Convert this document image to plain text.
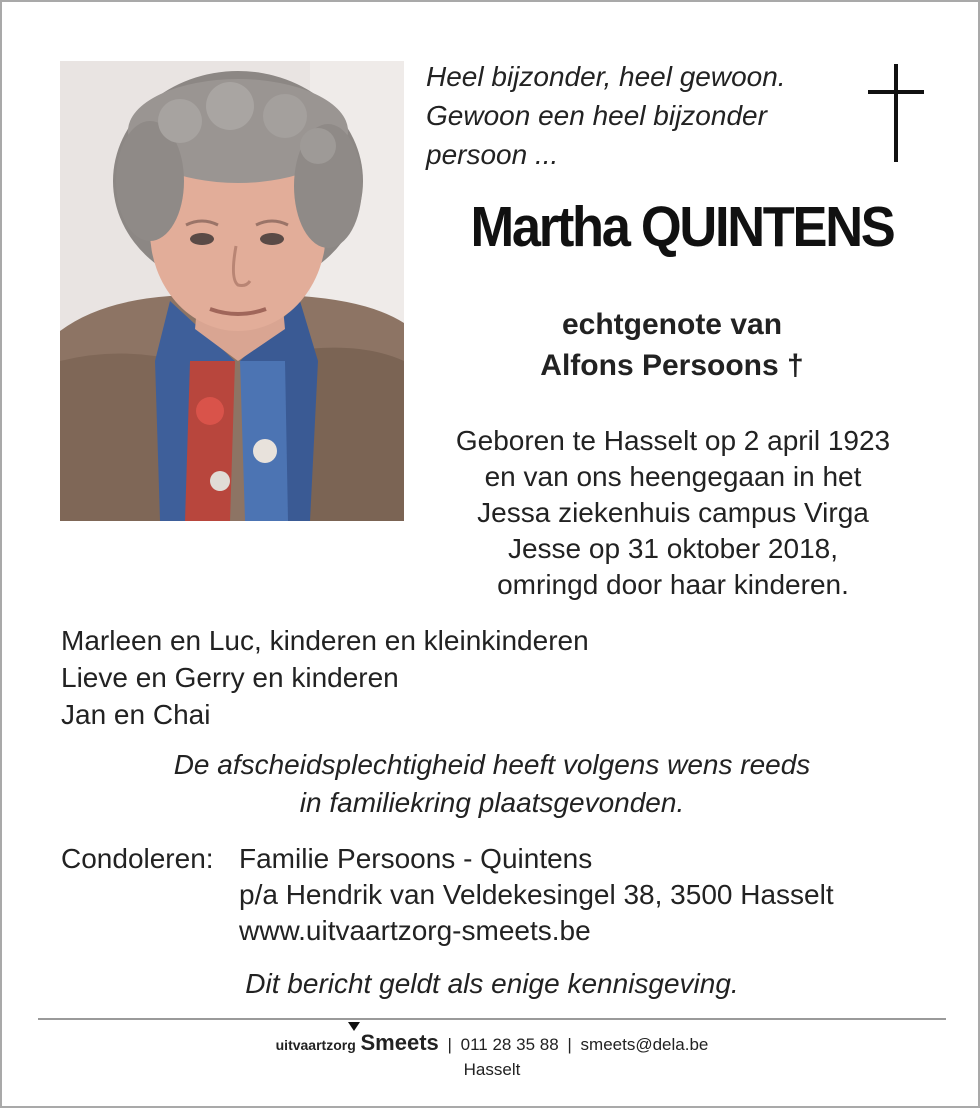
Heel bijzonder, heel gewoon.
Gewoon een heel bijzonder
persoon ...
Martha QUINTENS
echtgenote van
Alfons Persoons †
Geboren te Hasselt op 2 april 1923
en van ons heengegaan in het
Jessa ziekenhuis campus Virga
Jesse op 31 oktober 2018,
omringd door haar kinderen.
Marleen en Luc, kinderen en kleinkinderen
Lieve en Gerry en kinderen
Jan en Chai
De afscheidsplechtigheid heeft volgens wens reeds
in familiekring plaatsgevonden.
Condoleren: Familie Persoons - Quintens
p/a Hendrik van Veldekesingel 38, 3500 Hasselt
www.uitvaartzorg-smeets.be
Dit bericht geldt als enige kennisgeving.
uitvaartzorg Smeets | 011 28 35 88 | smeets@dela.be
Hasselt
